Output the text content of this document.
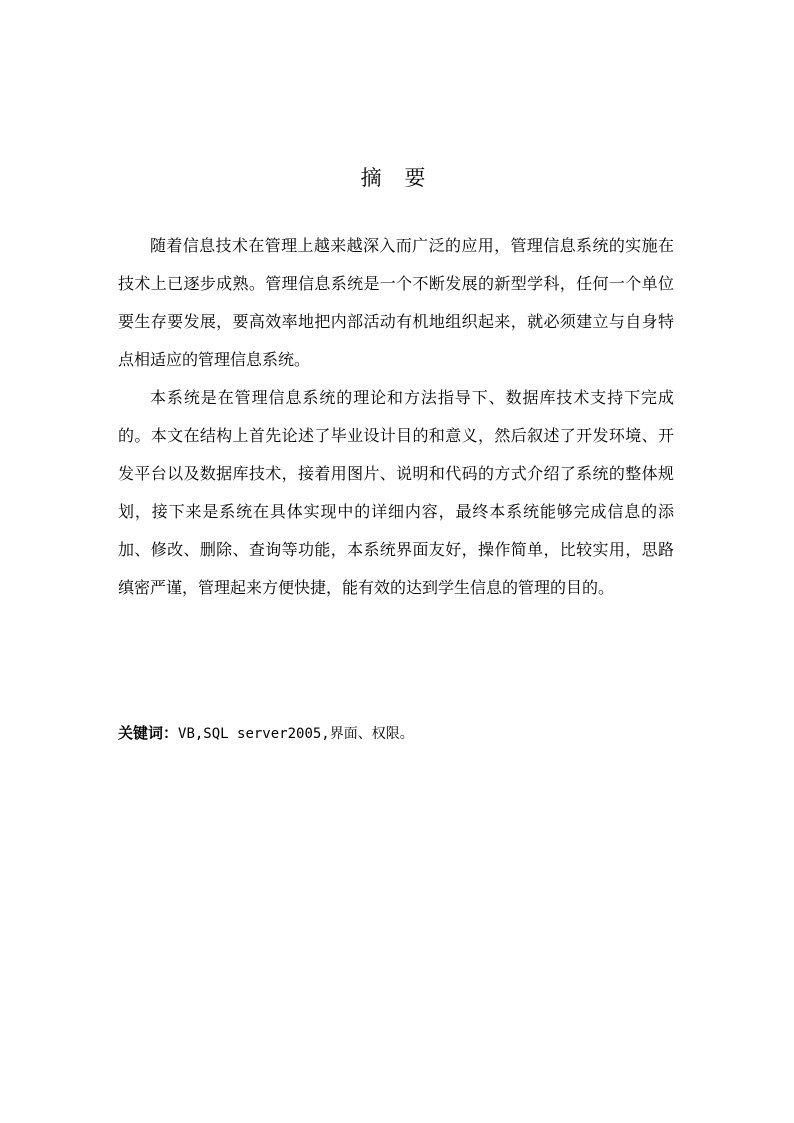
摘 要

随着信息技术在管理上越来越深入而广泛的应用，管理信息系统的实施在技术上已逐步成熟。管理信息系统是一个不断发展的新型学科，任何一个单位要生存要发展，要高效率地把内部活动有机地组织起来，就必须建立与自身特点相适应的管理信息系统。

本系统是在管理信息系统的理论和方法指导下、数据库技术支持下完成的。本文在结构上首先论述了毕业设计目的和意义，然后叙述了开发环境、开发平台以及数据库技术，接着用图片、说明和代码的方式介绍了系统的整体规划，接下来是系统在具体实现中的详细内容，最终本系统能够完成信息的添加、修改、删除、查询等功能，本系统界面友好，操作简单，比较实用，思路缜密严谨，管理起来方便快捷，能有效的达到学生信息的管理的目的。

关键词：VB,SQL server2005,界面、权限。
